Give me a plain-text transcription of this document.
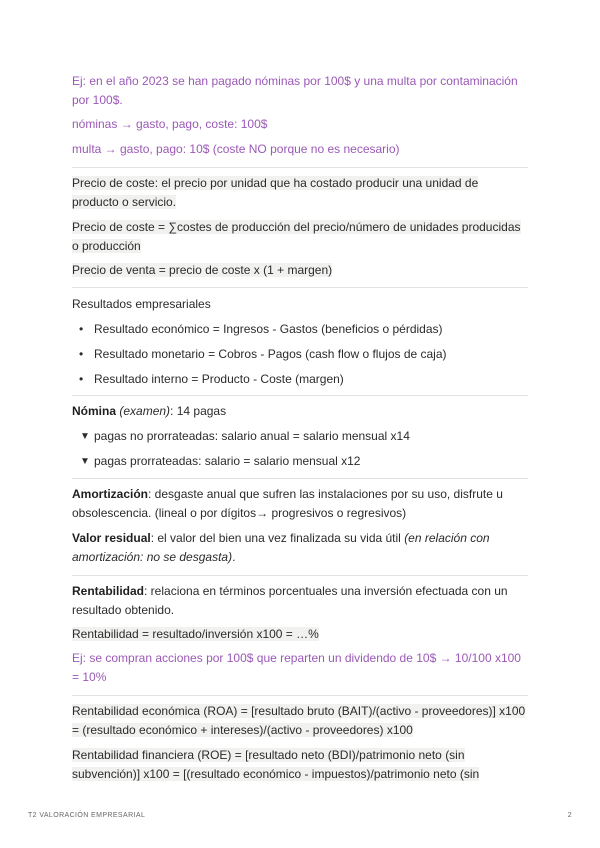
Ej: en el año 2023 se han pagado nóminas por 100$ y una multa por contaminación por 100$.

nóminas → gasto, pago, coste: 100$

multa → gasto, pago: 10$ (coste NO porque no es necesario)

Precio de coste: el precio por unidad que ha costado producir una unidad de producto o servicio.

Precio de coste = ∑costes de producción del precio/número de unidades producidas o producción

Precio de venta = precio de coste x (1 + margen)

Resultados empresariales

• Resultado económico = Ingresos - Gastos (beneficios o pérdidas)
• Resultado monetario = Cobros - Pagos (cash flow o flujos de caja)
• Resultado interno = Producto - Coste (margen)

Nómina (examen): 14 pagas

▼ pagas no prorrateadas: salario anual = salario mensual x14
▼ pagas prorrateadas: salario = salario mensual x12

Amortización: desgaste anual que sufren las instalaciones por su uso, disfrute u obsolescencia. (lineal o por dígitos→ progresivos o regresivos)

Valor residual: el valor del bien una vez finalizada su vida útil (en relación con amortización: no se desgasta).

Rentabilidad: relaciona en términos porcentuales una inversión efectuada con un resultado obtenido.

Rentabilidad = resultado/inversión x100 = …%

Ej: se compran acciones por 100$ que reparten un dividendo de 10$ → 10/100 x100 = 10%

Rentabilidad económica (ROA) = [resultado bruto (BAIT)/(activo - proveedores)] x100 = (resultado económico + intereses)/(activo - proveedores) x100

Rentabilidad financiera (ROE) = [resultado neto (BDI)/patrimonio neto (sin subvención)] x100 = [(resultado económico - impuestos)/patrimonio neto (sin

T2 VALORACIÓN EMPRESARIAL	2
